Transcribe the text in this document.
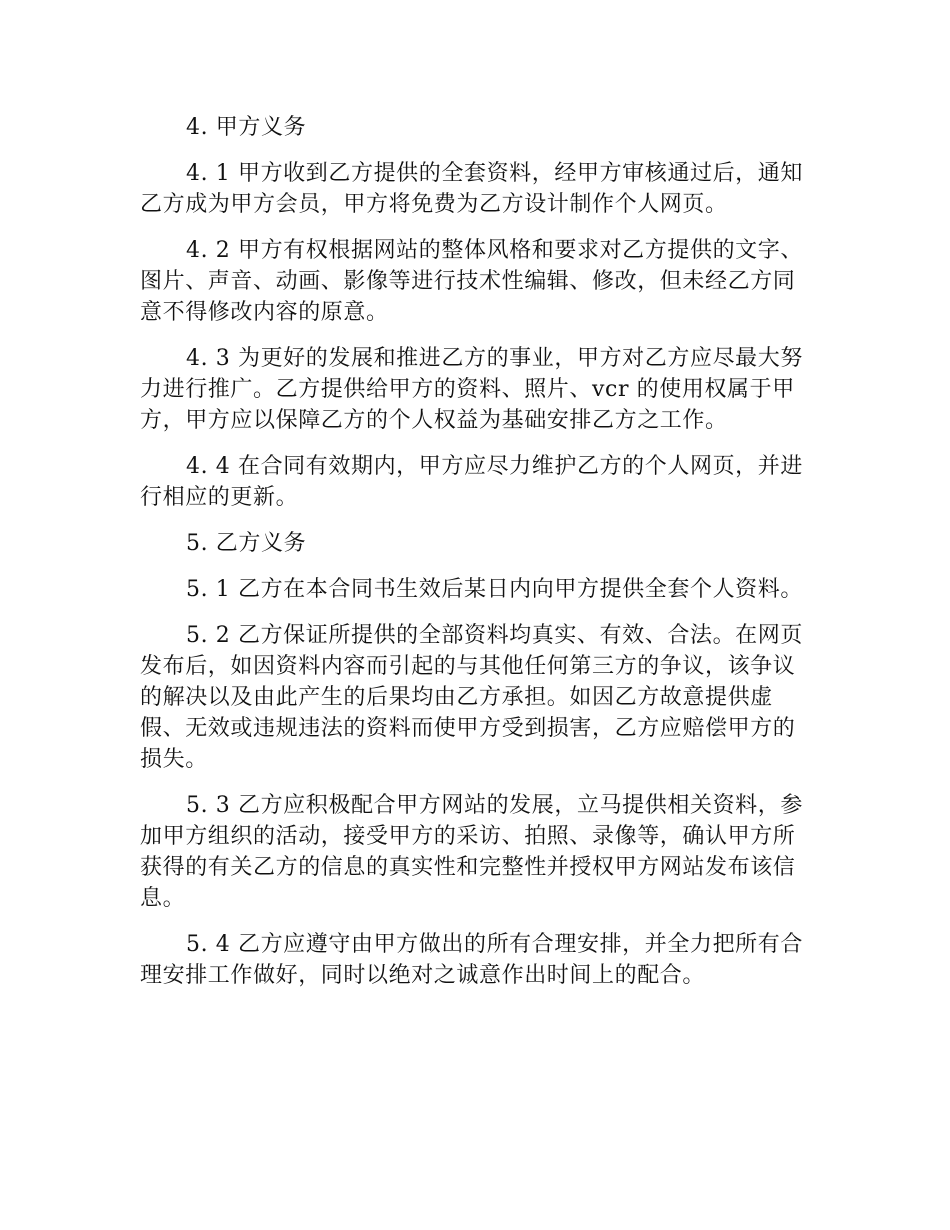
4. 甲方义务

4. 1 甲方收到乙方提供的全套资料，经甲方审核通过后，通知乙方成为甲方会员，甲方将免费为乙方设计制作个人网页。

4. 2 甲方有权根据网站的整体风格和要求对乙方提供的文字、图片、声音、动画、影像等进行技术性编辑、修改，但未经乙方同意不得修改内容的原意。

4. 3 为更好的发展和推进乙方的事业，甲方对乙方应尽最大努力进行推广。乙方提供给甲方的资料、照片、vcr 的使用权属于甲方，甲方应以保障乙方的个人权益为基础安排乙方之工作。

4. 4 在合同有效期内，甲方应尽力维护乙方的个人网页，并进行相应的更新。

5. 乙方义务

5. 1 乙方在本合同书生效后某日内向甲方提供全套个人资料。

5. 2 乙方保证所提供的全部资料均真实、有效、合法。在网页发布后，如因资料内容而引起的与其他任何第三方的争议，该争议的解决以及由此产生的后果均由乙方承担。如因乙方故意提供虚假、无效或违规违法的资料而使甲方受到损害，乙方应赔偿甲方的损失。

5. 3 乙方应积极配合甲方网站的发展，立马提供相关资料，参加甲方组织的活动，接受甲方的采访、拍照、录像等，确认甲方所获得的有关乙方的信息的真实性和完整性并授权甲方网站发布该信息。

5. 4 乙方应遵守由甲方做出的所有合理安排，并全力把所有合理安排工作做好，同时以绝对之诚意作出时间上的配合。
